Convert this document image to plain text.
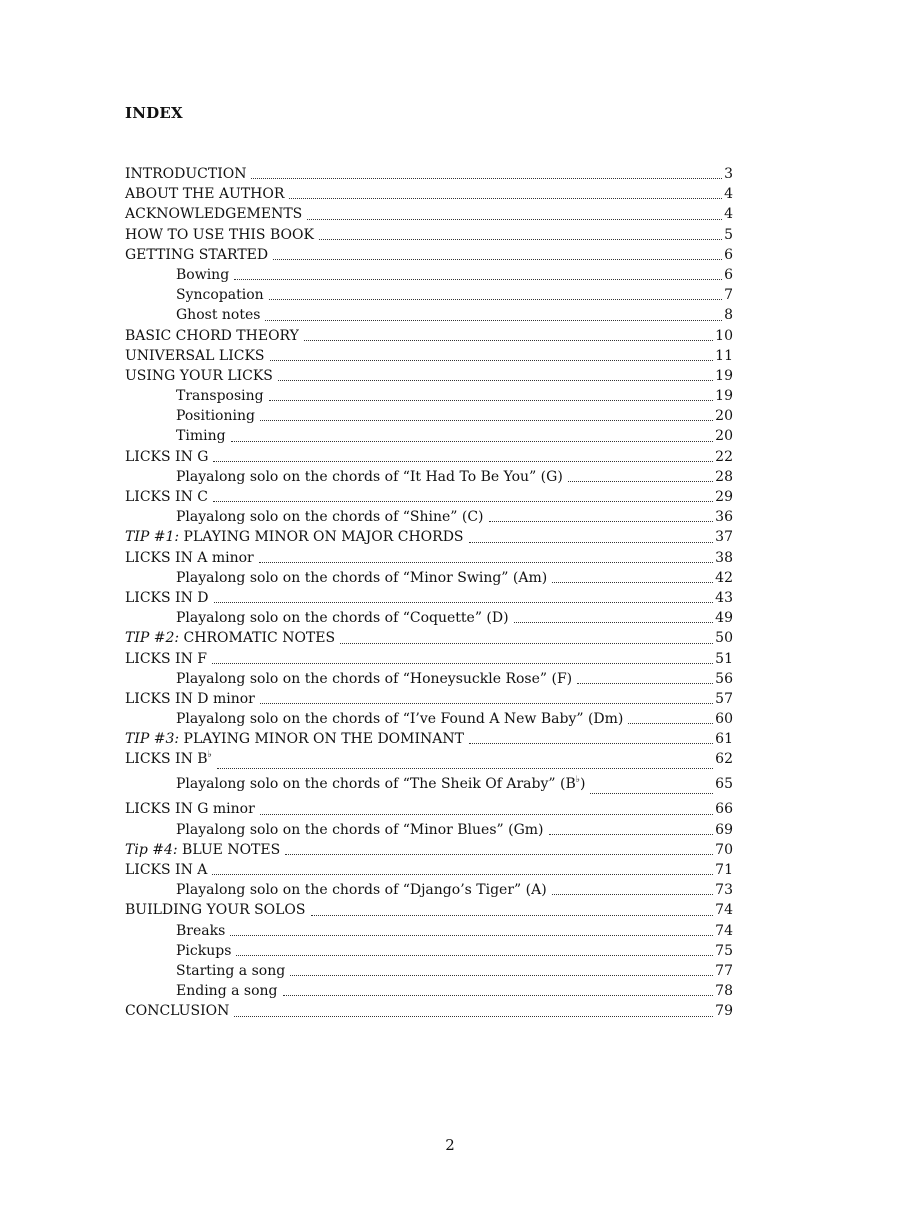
INDEX
INTRODUCTION	3
ABOUT THE AUTHOR	4
ACKNOWLEDGEMENTS	4
HOW TO USE THIS BOOK	5
GETTING STARTED	6
Bowing	6
Syncopation	7
Ghost notes	8
BASIC CHORD THEORY	10
UNIVERSAL LICKS	11
USING YOUR LICKS	19
Transposing	19
Positioning	20
Timing	20
LICKS IN G	22
Playalong solo on the chords of “It Had To Be You” (G)	28
LICKS IN C	29
Playalong solo on the chords of “Shine” (C)	36
TIP #1: PLAYING MINOR ON MAJOR CHORDS	37
LICKS IN A minor	38
Playalong solo on the chords of “Minor Swing” (Am)	42
LICKS IN D	43
Playalong solo on the chords of “Coquette” (D)	49
TIP #2: CHROMATIC NOTES	50
LICKS IN F	51
Playalong solo on the chords of “Honeysuckle Rose” (F)	56
LICKS IN D minor	57
Playalong solo on the chords of “I’ve Found A New Baby” (Dm)	60
TIP #3: PLAYING MINOR ON THE DOMINANT	61
LICKS IN B♭	62
Playalong solo on the chords of “The Sheik Of Araby” (B♭)	65
LICKS IN G minor	66
Playalong solo on the chords of “Minor Blues” (Gm)	69
Tip #4: BLUE NOTES	70
LICKS IN A	71
Playalong solo on the chords of “Django’s Tiger” (A)	73
BUILDING YOUR SOLOS	74
Breaks	74
Pickups	75
Starting a song	77
Ending a song	78
CONCLUSION	79
2
